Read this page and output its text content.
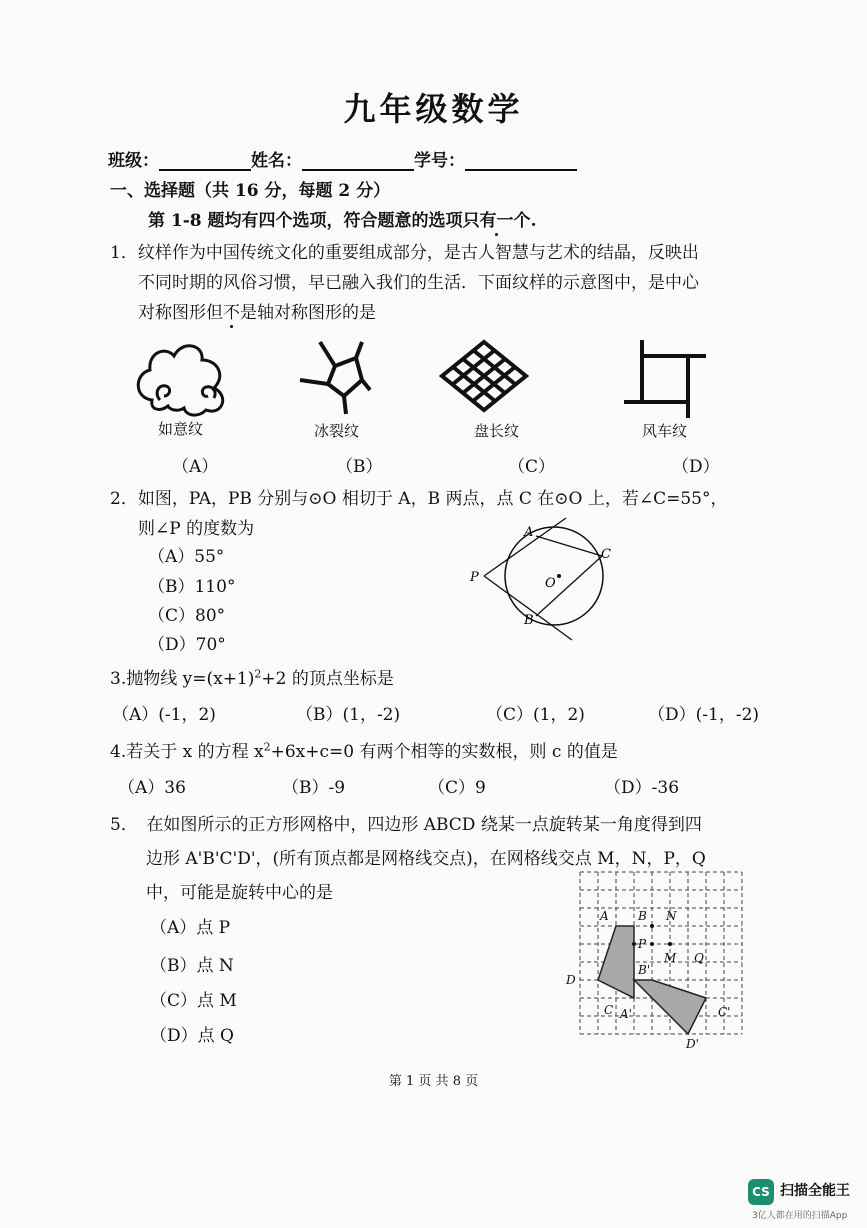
九年级数学
班级：	姓名：	学号：
一、选择题（共 16 分，每题 2 分）
第 1-8 题均有四个选项，符合题意的选项只有一个.
1．纹样作为中国传统文化的重要组成部分，是古人智慧与艺术的结晶，反映出
不同时期的风俗习惯，早已融入我们的生活．下面纹样的示意图中，是中心
对称图形但不是轴对称图形的是
如意纹	冰裂纹	盘长纹	风车纹
（A）	（B）	（C）	（D）
2．如图，PA，PB 分别与⊙O 相切于 A，B 两点，点 C 在⊙O 上，若∠C=55°，
则∠P 的度数为
（A）55°
（B）110°
（C）80°
（D）70°
A
B
C
P	O
3.抛物线 $y=(x+1)^2+2$ 的顶点坐标是
（A）(-1，2)	（B）(1，-2)	（C）(1，2)	（D）(-1，-2)
4.若关于 x 的方程 $x^2+6x+c=0$ 有两个相等的实数根，则 c 的值是
（A）36	（B）-9	（C）9	（D）-36
5．　在如图所示的正方形网格中，四边形 ABCD 绕某一点旋转某一角度得到四
边形 A'B'C'D'，(所有顶点都是网格线交点)，在网格线交点 M，N，P，Q
中，可能是旋转中心的是
（A）点 P
（B）点 N
（C）点 M
（D）点 Q
A B
C
D
A'
B'
C'
D'
N
P
M Q
第 1 页 共 8 页
CS 扫描全能王
3亿人都在用的扫描App
